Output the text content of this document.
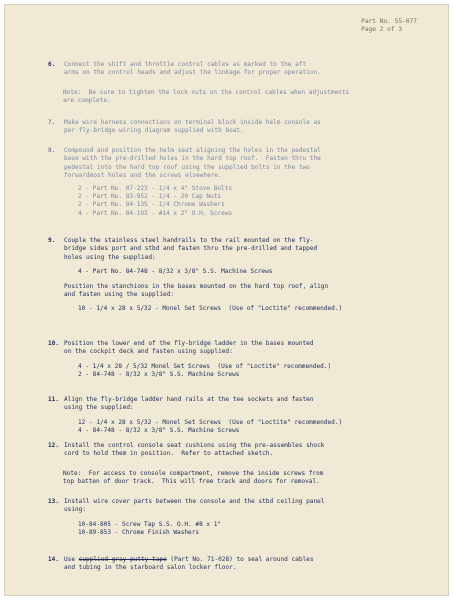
Part No. 55-077
Page 2 of 3
6. Connect the shift and throttle control cables as marked to the aft
arms on the control heads and adjust the linkage for proper operation.
Note:  Be sure to tighten the lock nuts on the control cables when adjustments
are complete.
7. Make wire harness connections on terminal block inside helm console as
per fly-bridge wiring diagram supplied with boat.
8. Compound and position the helm seat aligning the holes in the pedestal
base with the pre-drilled holes in the hard top roof.  Fasten thru the
pedestal into the hard top roof using the supplied bolts in the two
forwardmost holes and the screws elsewhere.
2 - Part No. 07-223 - 1/4 x 4" Stove Bolts
2 - Part No. 83-952 - 1/4 - 20 Cap Nuts
2 - Part No. 84-135 - 1/4 Chrome Washers
4 - Part No. 84-193 - #14 x 2" O.H. Screws
9. Couple the stainless steel handrails to the rail mounted on the fly-
bridge sides port and stbd and fasten thru the pre-drilled and tapped
holes using the supplied:
4 - Part No. 84-748 - 8/32 x 3/8" S.S. Machine Screws
Position the stanchions in the bases mounted on the hard top roof, align
and fasten using the supplied:
10 - 1/4 x 28 x 5/32 - Monel Set Screws  (Use of "Loctite" recommended.)
10. Position the lower end of the fly-bridge ladder in the bases mounted
on the cockpit deck and fasten using supplied:
4 - 1/4 x 28 / 5/32 Monel Set Screws  (Use of "Loctite" recommended.)
2 - 84-748 - 8/32 x 3/8" S.S. Machine Screws
11. Align the fly-bridge ladder hand rails at the tee sockets and fasten
using the supplied:
12 - 1/4 x 28 x 5/32 - Monel Set Screws  (Use of "Loctite" recommended.)
4 - 84-748 - 8/32 x 3/8" S.S. Machine Screws
12. Install the control console seat cushions using the pre-assembles shock
cord to hold them in position.  Refer to attached sketch.
Note:  For access to console compartment, remove the inside screws from
top batten of door track.  This will free track and doors for removal.
13. Install wire cover parts between the console and the stbd ceiling panel
using:
10-84-805 - Screw Tap S.S. O.H. #8 x 1"
10-89-853 - Chrome Finish Washers
14. Use supplied gray putty tape (Part No. 71-028) to seal around cables
and tubing in the starboard salon locker floor.
